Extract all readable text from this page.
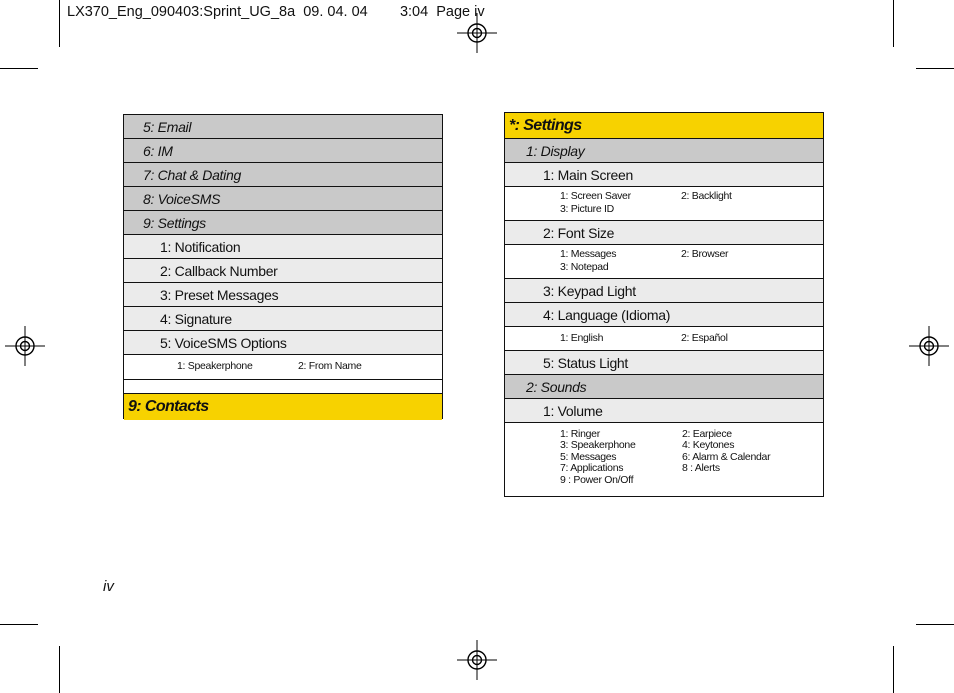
LX370_Eng_090403:Sprint_UG_8a  09. 04. 04 3:04  Page iv
5: Email
6: IM
7: Chat & Dating
8: VoiceSMS
9: Settings
1: Notification
2: Callback Number
3: Preset Messages
4: Signature
5: VoiceSMS Options
1: Speakerphone	2: From Name
9: Contacts
*: Settings
1: Display
1: Main Screen
1: Screen Saver	2: Backlight
3: Picture ID
2: Font Size
1: Messages	2: Browser
3: Notepad
3: Keypad Light
4: Language (Idioma)
1: English	2: Español
5: Status Light
2: Sounds
1: Volume
1: Ringer	2: Earpiece
3: Speakerphone	4: Keytones
5: Messages	6: Alarm & Calendar
7: Applications	8 : Alerts
9 : Power On/Off
iv
